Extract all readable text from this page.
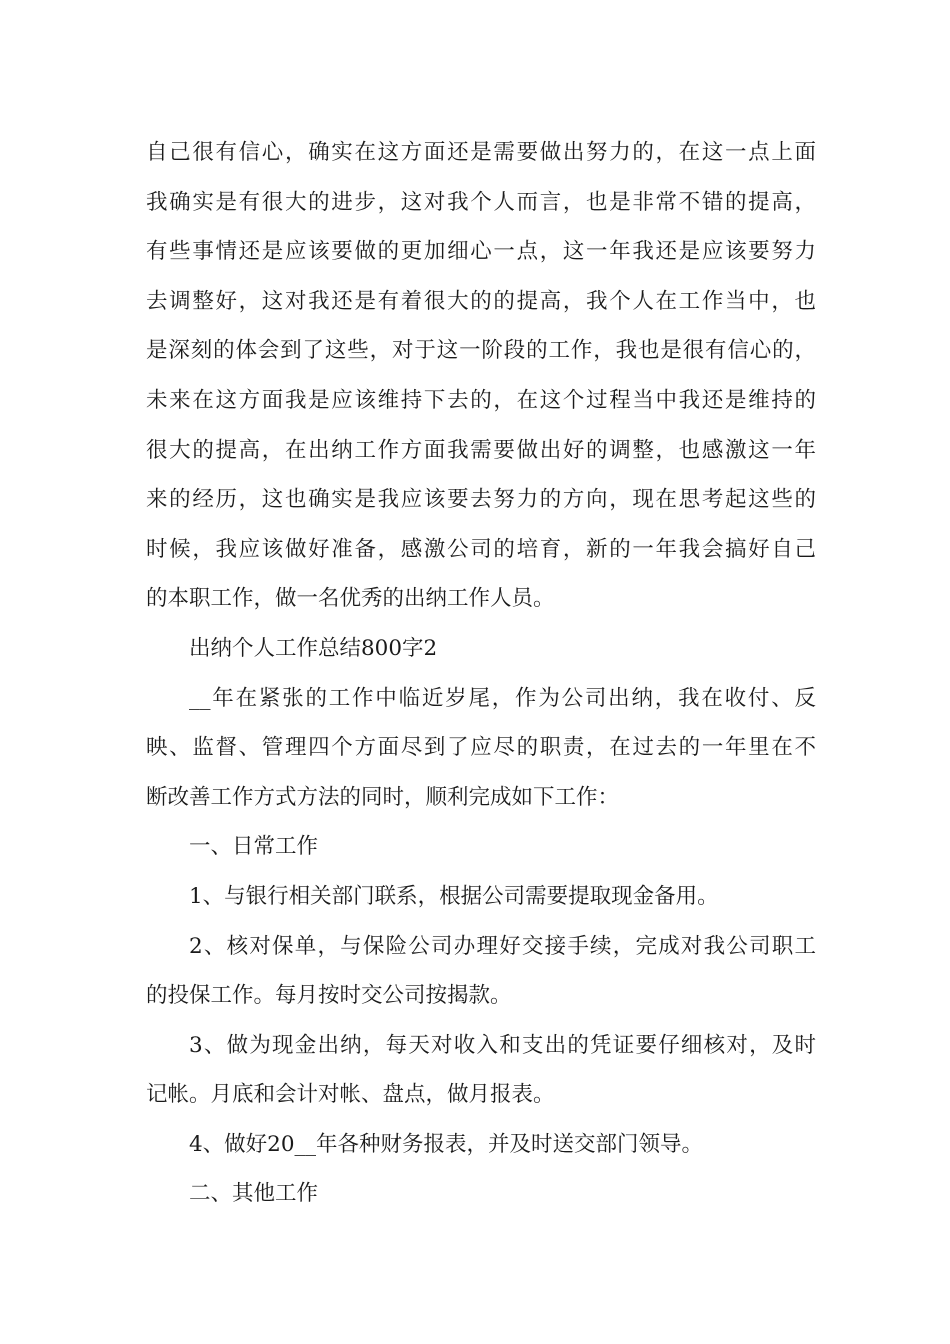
自己很有信心，确实在这方面还是需要做出努力的，在这一点上面
我确实是有很大的进步，这对我个人而言，也是非常不错的提高，
有些事情还是应该要做的更加细心一点，这一年我还是应该要努力
去调整好，这对我还是有着很大的的提高，我个人在工作当中，也
是深刻的体会到了这些，对于这一阶段的工作，我也是很有信心的，
未来在这方面我是应该维持下去的，在这个过程当中我还是维持的
很大的提高，在出纳工作方面我需要做出好的调整，也感激这一年
来的经历，这也确实是我应该要去努力的方向，现在思考起这些的
时候，我应该做好准备，感激公司的培育，新的一年我会搞好自己
的本职工作，做一名优秀的出纳工作人员。
出纳个人工作总结800字2
__年在紧张的工作中临近岁尾，作为公司出纳，我在收付、反
映、监督、管理四个方面尽到了应尽的职责，在过去的一年里在不
断改善工作方式方法的同时，顺利完成如下工作：
一、日常工作
1、与银行相关部门联系，根据公司需要提取现金备用。
2、核对保单，与保险公司办理好交接手续，完成对我公司职工
的投保工作。每月按时交公司按揭款。
3、做为现金出纳，每天对收入和支出的凭证要仔细核对，及时
记帐。月底和会计对帐、盘点，做月报表。
4、做好20__年各种财务报表，并及时送交部门领导。
二、其他工作
